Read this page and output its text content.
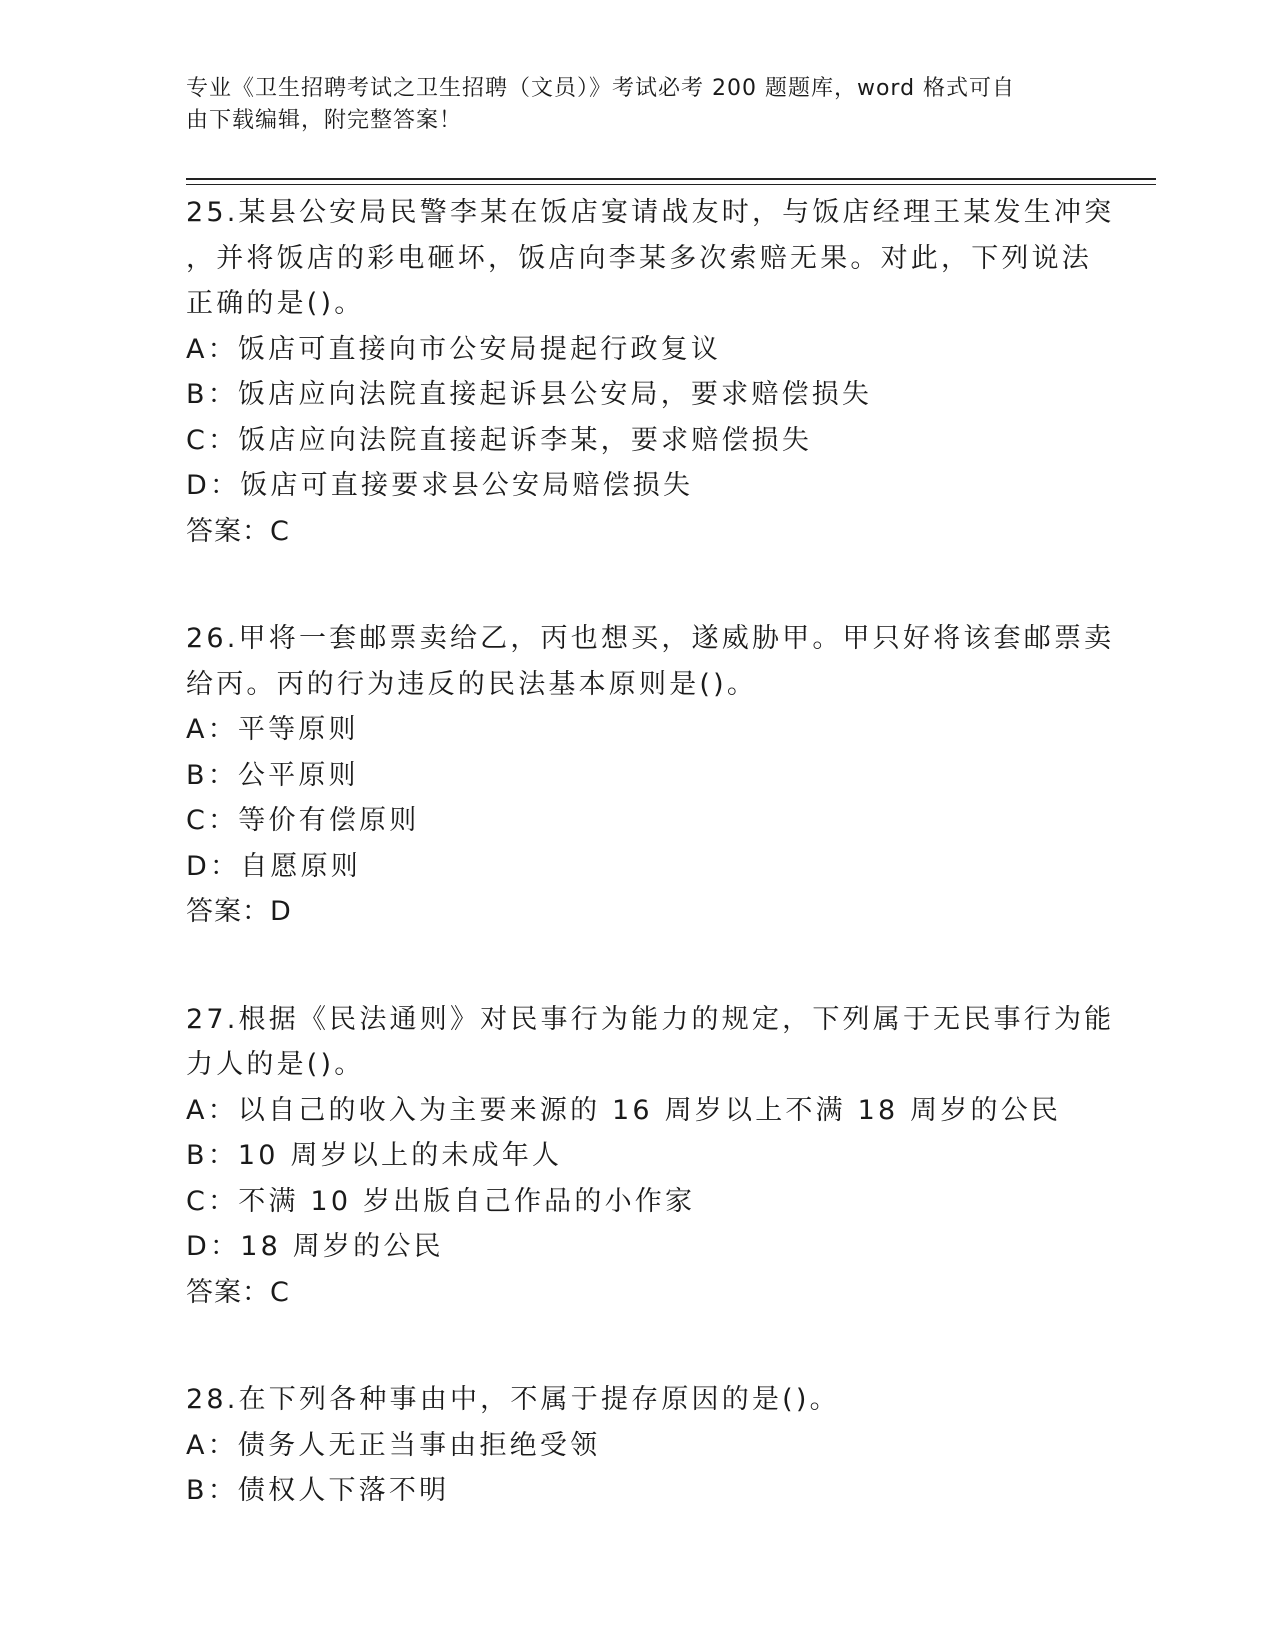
专业《卫生招聘考试之卫生招聘（文员）》考试必考 200 题题库，word 格式可自
由下载编辑，附完整答案！
25.某县公安局民警李某在饭店宴请战友时，与饭店经理王某发生冲突
，并将饭店的彩电砸坏，饭店向李某多次索赔无果。对此，下列说法
正确的是()。
A：饭店可直接向市公安局提起行政复议
B：饭店应向法院直接起诉县公安局，要求赔偿损失
C：饭店应向法院直接起诉李某，要求赔偿损失
D：饭店可直接要求县公安局赔偿损失
答案：C
26.甲将一套邮票卖给乙，丙也想买，遂威胁甲。甲只好将该套邮票卖
给丙。丙的行为违反的民法基本原则是()。
A：平等原则
B：公平原则
C：等价有偿原则
D：自愿原则
答案：D
27.根据《民法通则》对民事行为能力的规定，下列属于无民事行为能
力人的是()。
A：以自己的收入为主要来源的 16 周岁以上不满 18 周岁的公民
B：10 周岁以上的未成年人
C：不满 10 岁出版自己作品的小作家
D：18 周岁的公民
答案：C
28.在下列各种事由中，不属于提存原因的是()。
A：债务人无正当事由拒绝受领
B：债权人下落不明
